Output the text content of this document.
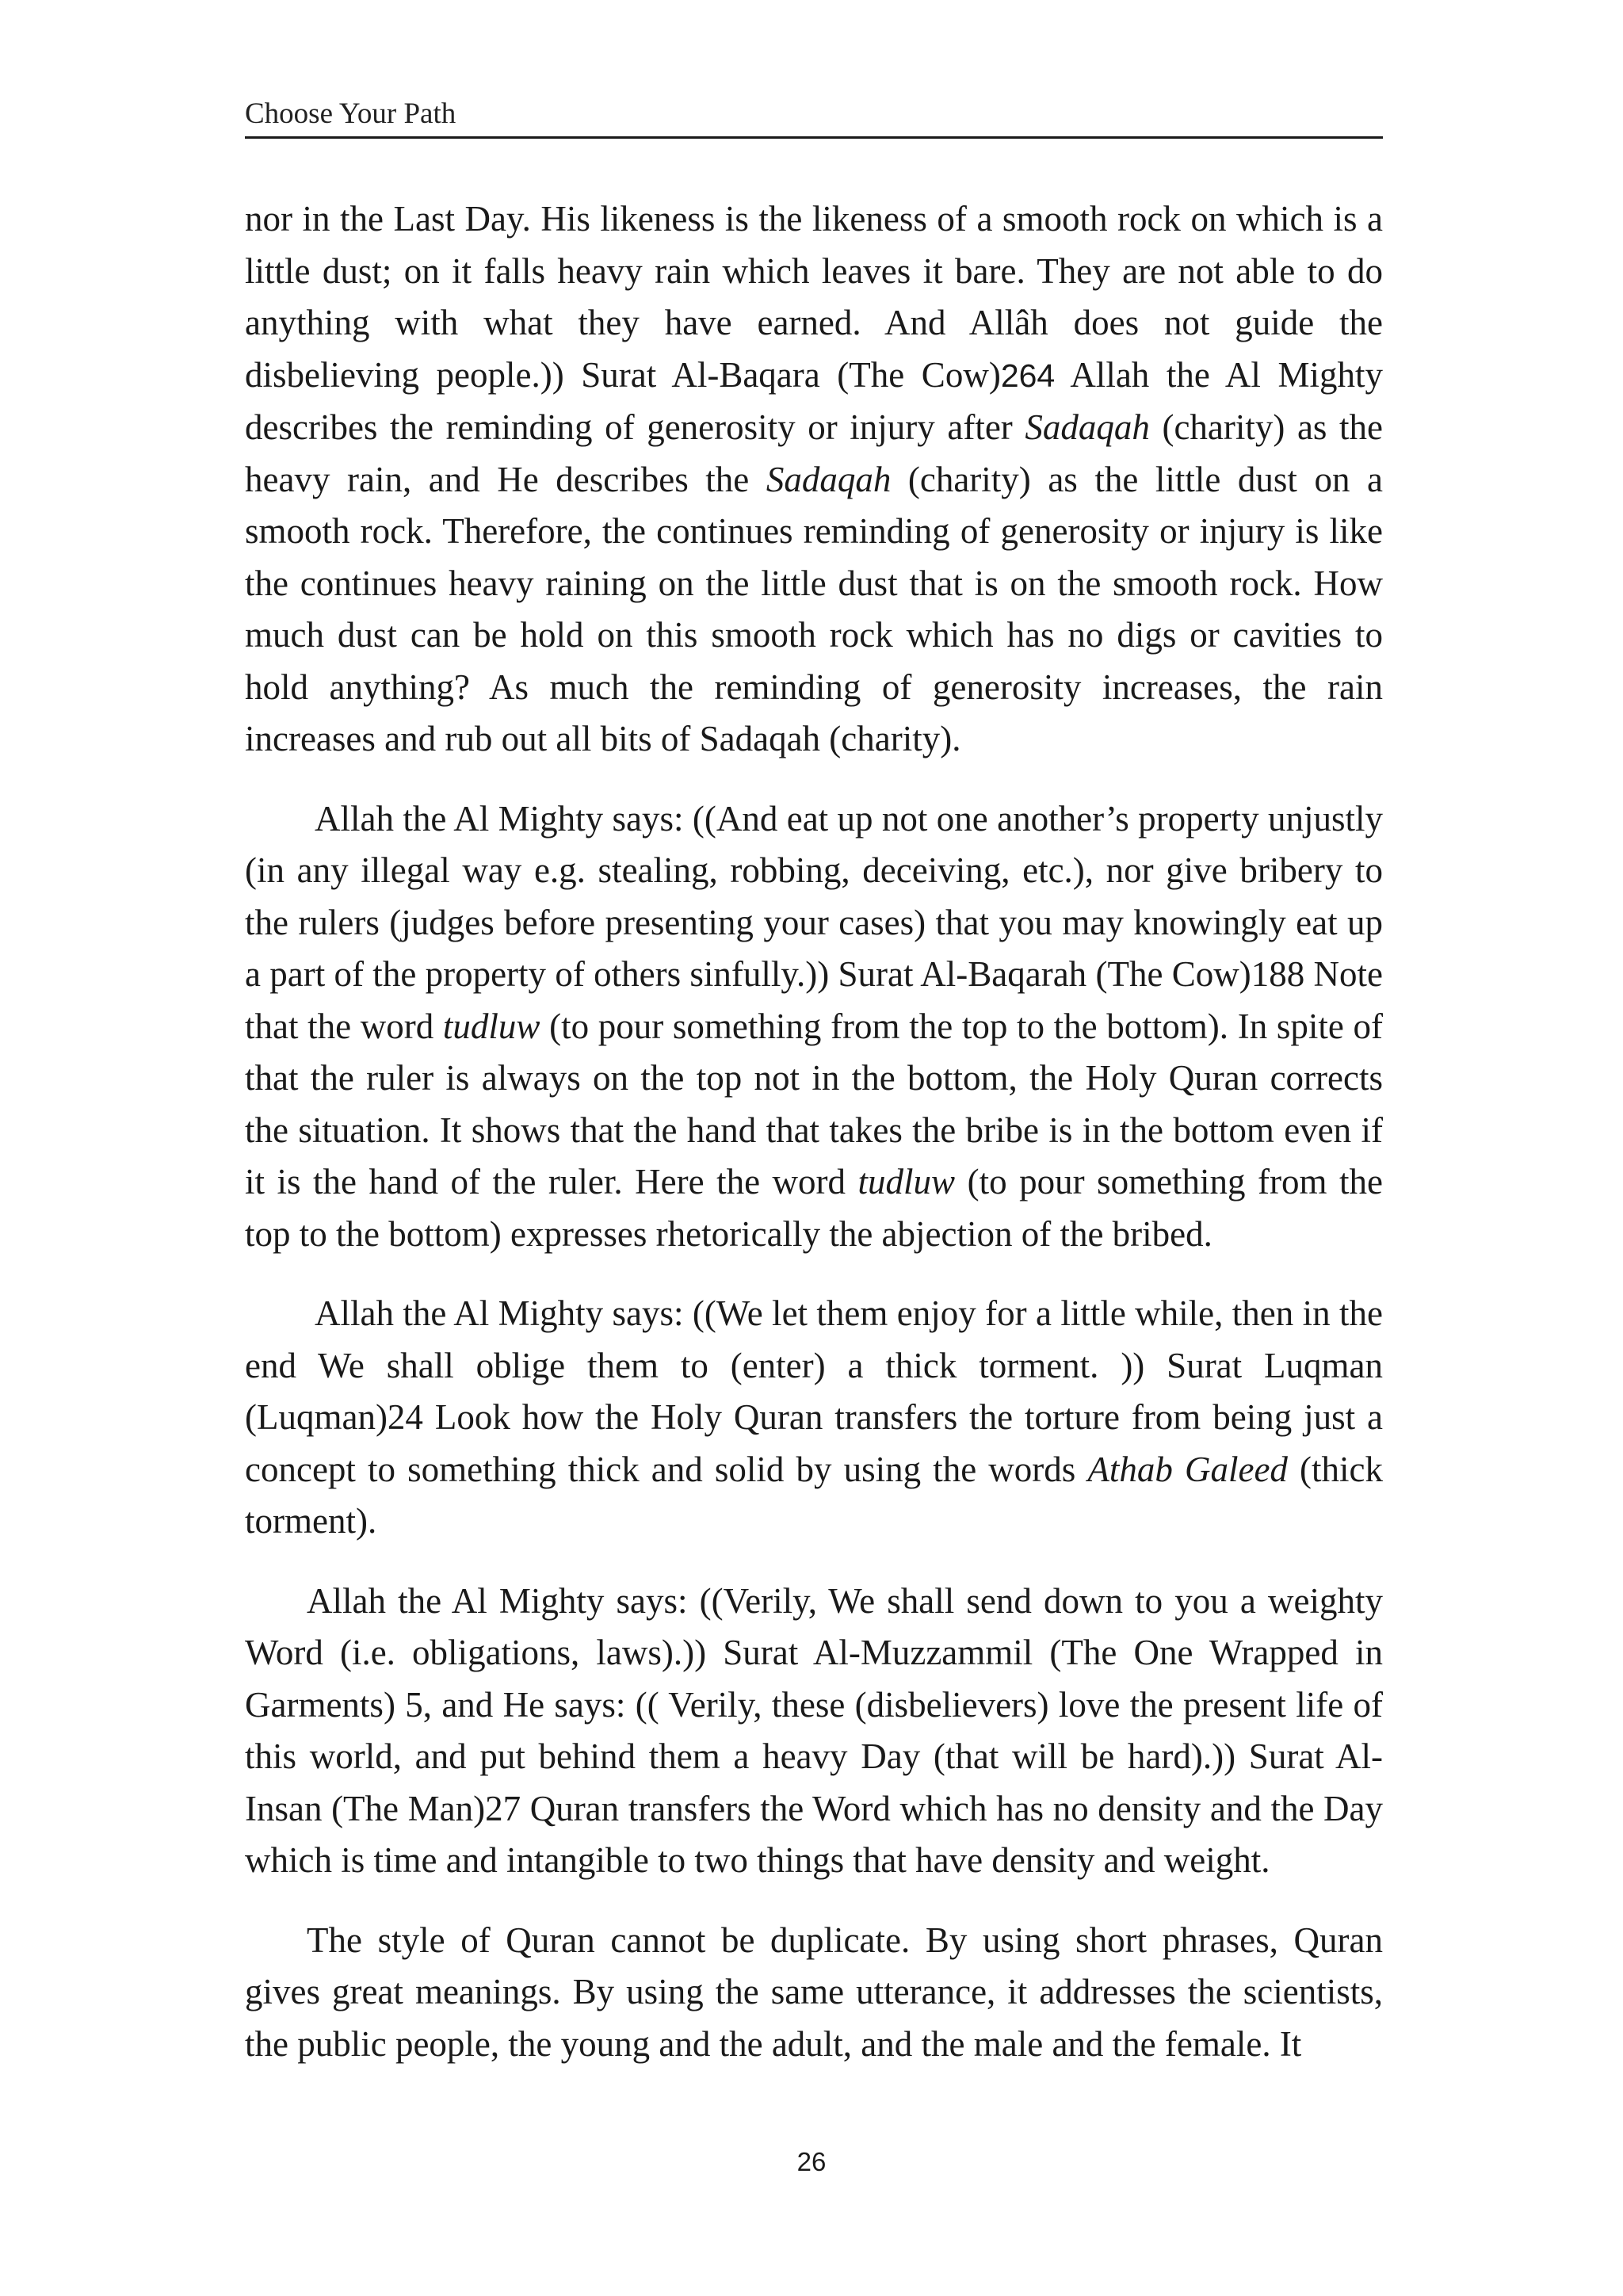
Choose Your Path

nor in the Last Day. His likeness is the likeness of a smooth rock on which is a little dust; on it falls heavy rain which leaves it bare. They are not able to do anything with what they have earned. And Allâh does not guide the disbelieving people.)) Surat Al-Baqara (The Cow)264 Allah the Al Mighty describes the reminding of generosity or injury after Sadaqah (charity) as the heavy rain, and He describes the Sadaqah (charity) as the little dust on a smooth rock. Therefore, the continues reminding of generosity or injury is like the continues heavy raining on the little dust that is on the smooth rock. How much dust can be hold on this smooth rock which has no digs or cavities to hold anything? As much the reminding of generosity increases, the rain increases and rub out all bits of Sadaqah (charity).

Allah the Al Mighty says: ((And eat up not one another’s property unjustly (in any illegal way e.g. stealing, robbing, deceiving, etc.), nor give bribery to the rulers (judges before presenting your cases) that you may knowingly eat up a part of the property of others sinfully.)) Surat Al-Baqarah (The Cow)188 Note that the word tudluw (to pour something from the top to the bottom). In spite of that the ruler is always on the top not in the bottom, the Holy Quran corrects the situation. It shows that the hand that takes the bribe is in the bottom even if it is the hand of the ruler. Here the word tudluw (to pour something from the top to the bottom) expresses rhetorically the abjection of the bribed.

Allah the Al Mighty says: ((We let them enjoy for a little while, then in the end We shall oblige them to (enter) a thick torment. )) Surat Luqman (Luqman)24 Look how the Holy Quran transfers the torture from being just a concept to something thick and solid by using the words Athab Galeed (thick torment).

Allah the Al Mighty says: ((Verily, We shall send down to you a weighty Word (i.e. obligations, laws).)) Surat Al-Muzzammil (The One Wrapped in Garments) 5, and He says: (( Verily, these (disbelievers) love the present life of this world, and put behind them a heavy Day (that will be hard).)) Surat Al-Insan (The Man)27 Quran transfers the Word which has no density and the Day which is time and intangible to two things that have density and weight.

The style of Quran cannot be duplicate. By using short phrases, Quran gives great meanings. By using the same utterance, it addresses the scientists, the public people, the young and the adult, and the male and the female. It

26
